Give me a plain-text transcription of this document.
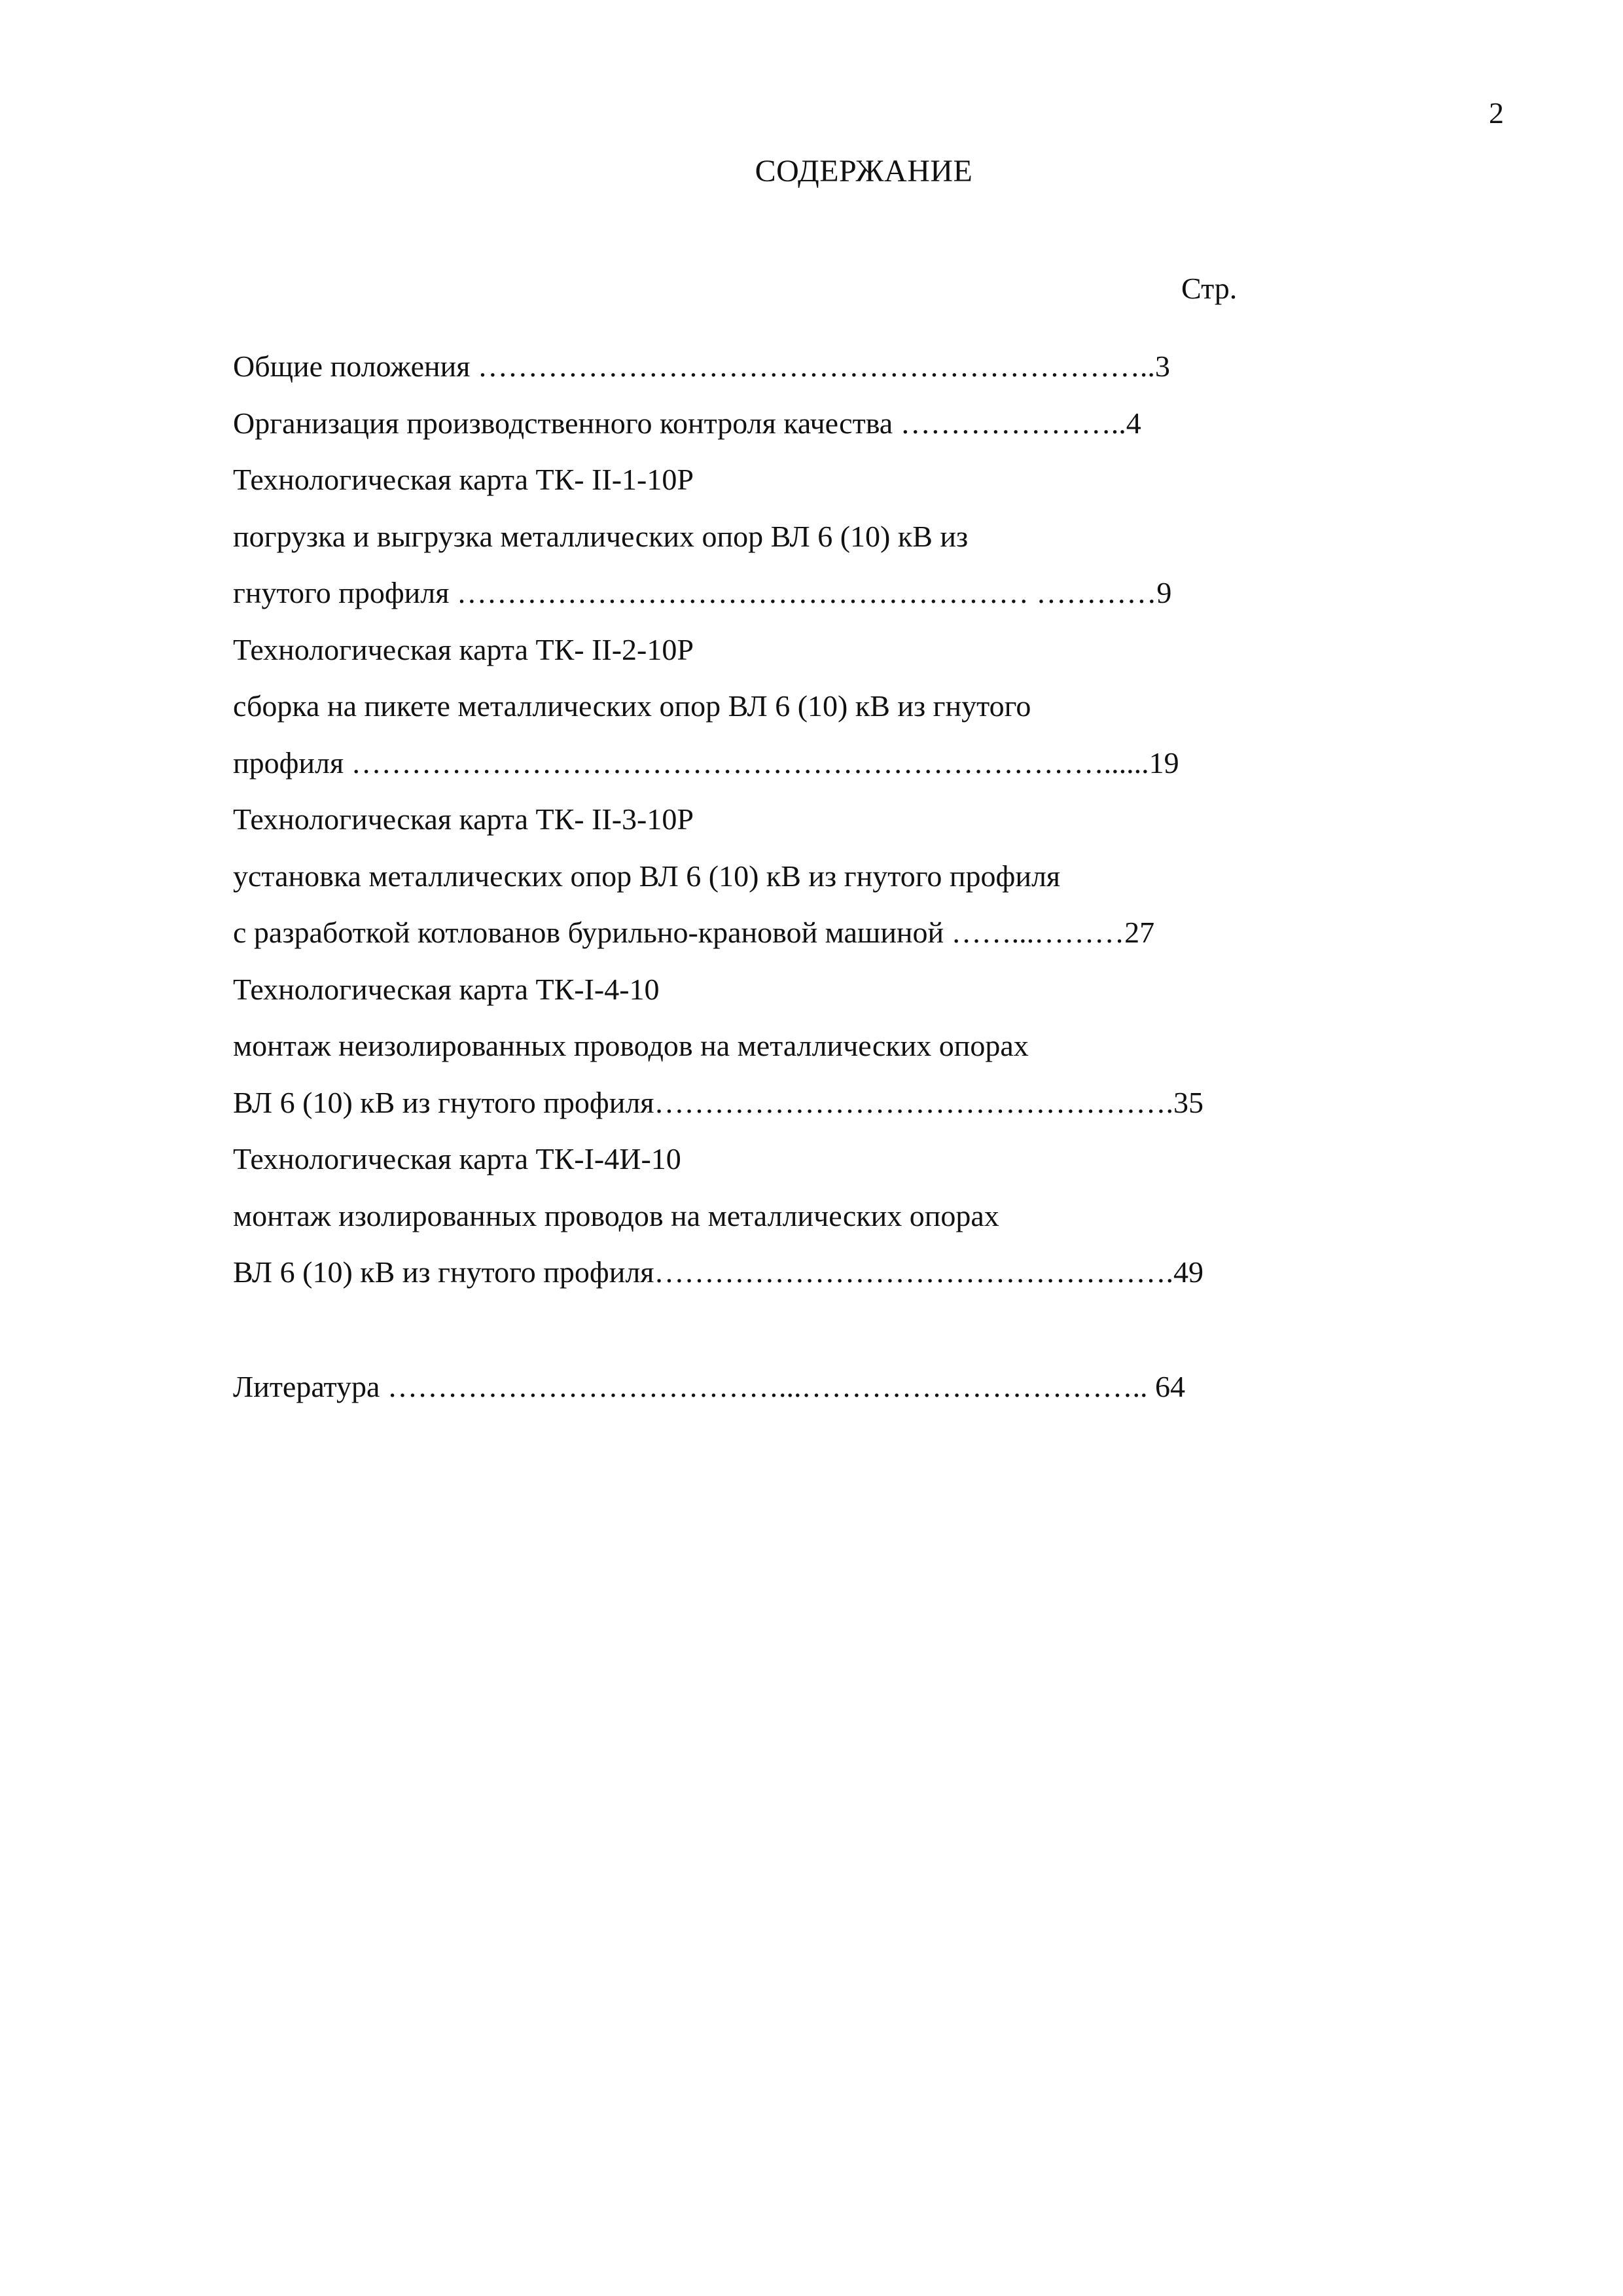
2
СОДЕРЖАНИЕ
Стр.
Общие положения …………………………………………………………..3
Организация производственного контроля качества …………………..4
Технологическая карта ТК- II-1-10Р
погрузка и выгрузка металлических опор ВЛ 6 (10) кВ из
гнутого профиля ………………………………………………… …………9
Технологическая карта ТК- II-2-10Р
сборка на пикете металлических опор ВЛ 6 (10) кВ из гнутого
профиля …………………………………………………………………......19
Технологическая карта ТК- II-3-10Р
установка металлических опор ВЛ 6 (10) кВ из гнутого профиля
с разработкой котлованов бурильно-крановой машиной ……...………27
Технологическая карта ТК-I-4-10
монтаж неизолированных проводов на металлических опорах
ВЛ 6 (10) кВ из гнутого профиля…………………………………………….35
Технологическая карта ТК-I-4И-10
монтаж изолированных проводов на металлических опорах
ВЛ 6 (10) кВ из гнутого профиля…………………………………………….49
Литература …………………………………...…………………………….. 64
